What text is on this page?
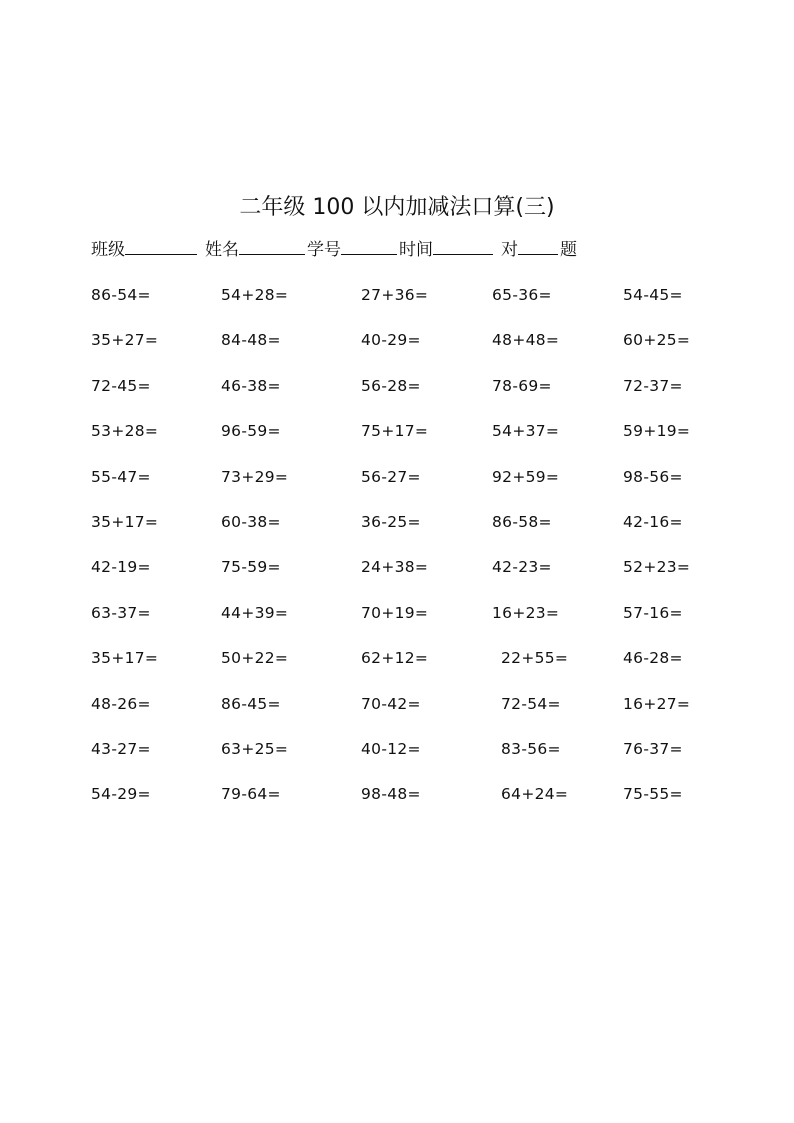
二年级 100 以内加减法口算(三)
班级	姓名	学号	时间	对 题
86-54=	54+28=	27+36=	65-36=	54-45=
35+27=	84-48=	40-29=	48+48=	60+25=
72-45=	46-38=	56-28=	78-69=	72-37=
53+28=	96-59=	75+17=	54+37=	59+19=
55-47=	73+29=	56-27=	92+59=	98-56=
35+17=	60-38=	36-25=	86-58=	42-16=
42-19=	75-59=	24+38=	42-23=	52+23=
63-37=	44+39=	70+19=	16+23=	57-16=
35+17=	50+22=	62+12=	22+55=	46-28=
48-26=	86-45=	70-42=	72-54=	16+27=
43-27=	63+25=	40-12=	83-56=	76-37=
54-29=	79-64=	98-48=	64+24=	75-55=
